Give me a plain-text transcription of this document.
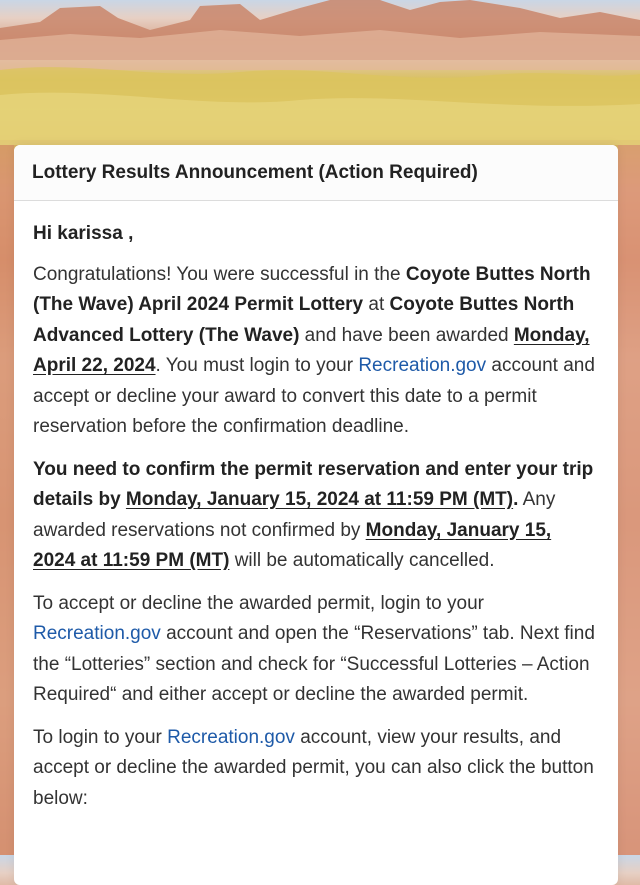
Lottery Results Announcement (Action Required)
Hi karissa ,

Congratulations! You were successful in the Coyote Buttes North (The Wave) April 2024 Permit Lottery at Coyote Buttes North Advanced Lottery (The Wave) and have been awarded Monday, April 22, 2024. You must login to your Recreation.gov account and accept or decline your award to convert this date to a permit reservation before the confirmation deadline.

You need to confirm the permit reservation and enter your trip details by Monday, January 15, 2024 at 11:59 PM (MT). Any awarded reservations not confirmed by Monday, January 15, 2024 at 11:59 PM (MT) will be automatically cancelled.

To accept or decline the awarded permit, login to your Recreation.gov account and open the “Reservations” tab. Next find the “Lotteries” section and check for “Successful Lotteries – Action Required“ and either accept or decline the awarded permit.

To login to your Recreation.gov account, view your results, and accept or decline the awarded permit, you can also click the button below:
